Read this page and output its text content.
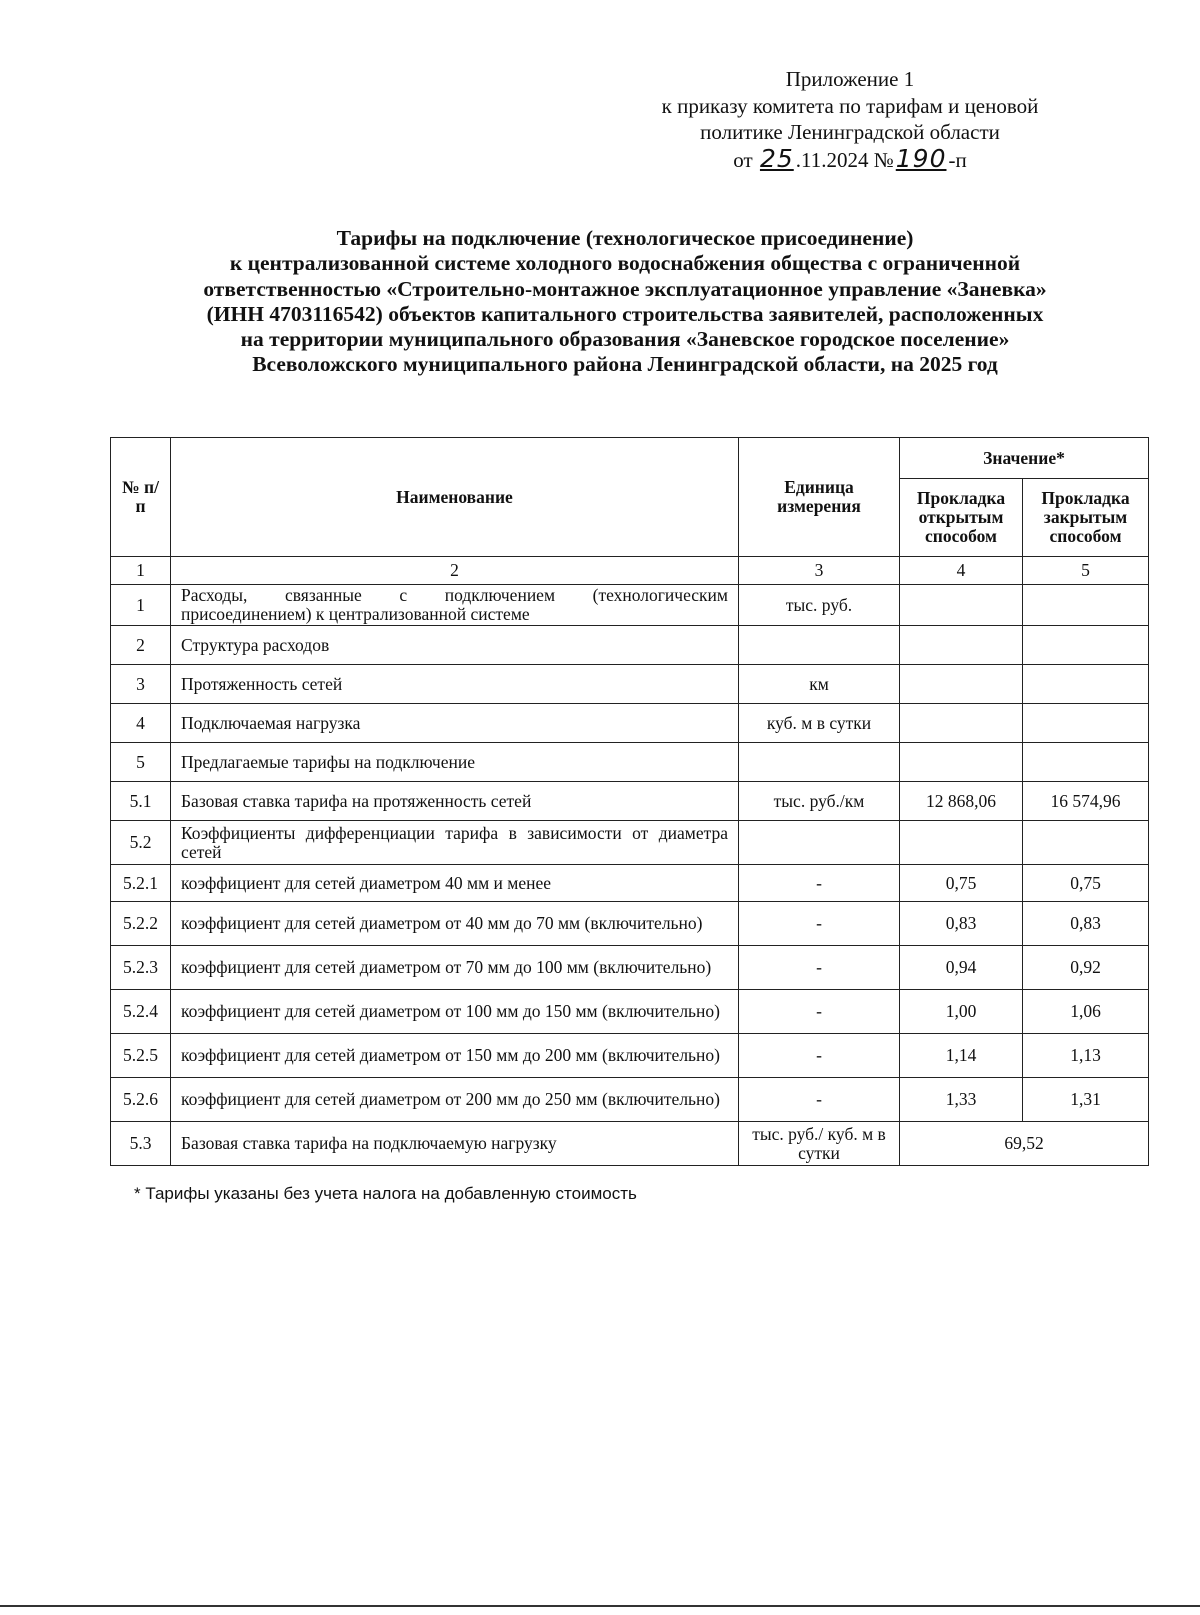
Приложение 1
к приказу комитета по тарифам и ценовой
политике Ленинградской области
от 25.11.2024 №190-п
Тарифы на подключение (технологическое присоединение)
к централизованной системе холодного водоснабжения общества с ограниченной
ответственностью «Строительно-монтажное эксплуатационное управление «Заневка»
(ИНН 4703116542) объектов капитального строительства заявителей, расположенных
на территории муниципального образования «Заневское городское поселение»
Всеволожского муниципального района Ленинградской области, на 2025 год
№ п/п	Наименование	Единица измерения	Значение*	
			Прокладка открытым способом	Прокладка закрытым способом
1	2	3	4	5
1	Расходы, связанные с подключением (технологическим присоединением) к централизованной системе	тыс. руб.		
2	Структура расходов			
3	Протяженность сетей	км		
4	Подключаемая нагрузка	куб. м в сутки		
5	Предлагаемые тарифы на подключение			
5.1	Базовая ставка тарифа на протяженность сетей	тыс. руб./км	12 868,06	16 574,96
5.2	Коэффициенты дифференциации тарифа в зависимости от диаметра сетей			
5.2.1	коэффициент для сетей диаметром 40 мм и менее	-	0,75	0,75
5.2.2	коэффициент для сетей диаметром от 40 мм до 70 мм (включительно)	-	0,83	0,83
5.2.3	коэффициент для сетей диаметром от 70 мм до 100 мм (включительно)	-	0,94	0,92
5.2.4	коэффициент для сетей диаметром от 100 мм до 150 мм (включительно)	-	1,00	1,06
5.2.5	коэффициент для сетей диаметром от 150 мм до 200 мм (включительно)	-	1,14	1,13
5.2.6	коэффициент для сетей диаметром от 200 мм до 250 мм (включительно)	-	1,33	1,31
5.3	Базовая ставка тарифа на подключаемую нагрузку	тыс. руб./ куб. м в сутки	69,52	
* Тарифы указаны без учета налога на добавленную стоимость
